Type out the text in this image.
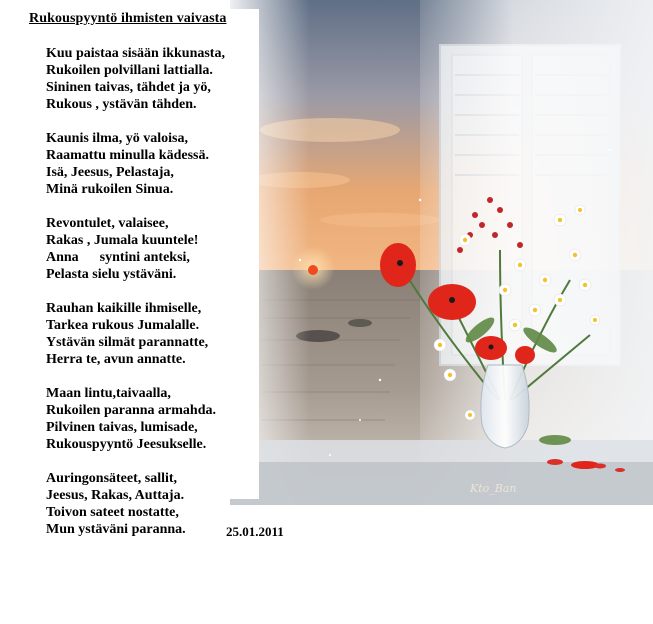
Rukouspyyntö ihmisten vaivasta
Kuu paistaa sisään ikkunasta,
Rukoilen polvillani lattialla.
Sininen taivas, tähdet ja yö,
Rukous , ystävän tähden.
Kaunis ilma, yö valoisa,
Raamattu minulla kädessä.
Isä, Jeesus, Pelastaja,
Minä rukoilen Sinua.
Revontulet, valaisee,
Rakas , Jumala kuuntele!
Anna      syntini anteksi,
Pelasta sielu ystäväni.
Rauhan kaikille ihmiselle,
Tarkea rukous Jumalalle.
Ystävän silmät parannatte,
Herra te, avun annatte.
Maan lintu,taivaalla,
Rukoilen paranna armahda.
Pilvinen taivas, lumisade,
Rukouspyyntö Jeesukselle.
Auringonsäteet, sallit,
Jeesus, Rakas, Auttaja.
Toivon sateet nostatte,
Mun ystäväni paranna.	25.01.2011
Kto_Ban
